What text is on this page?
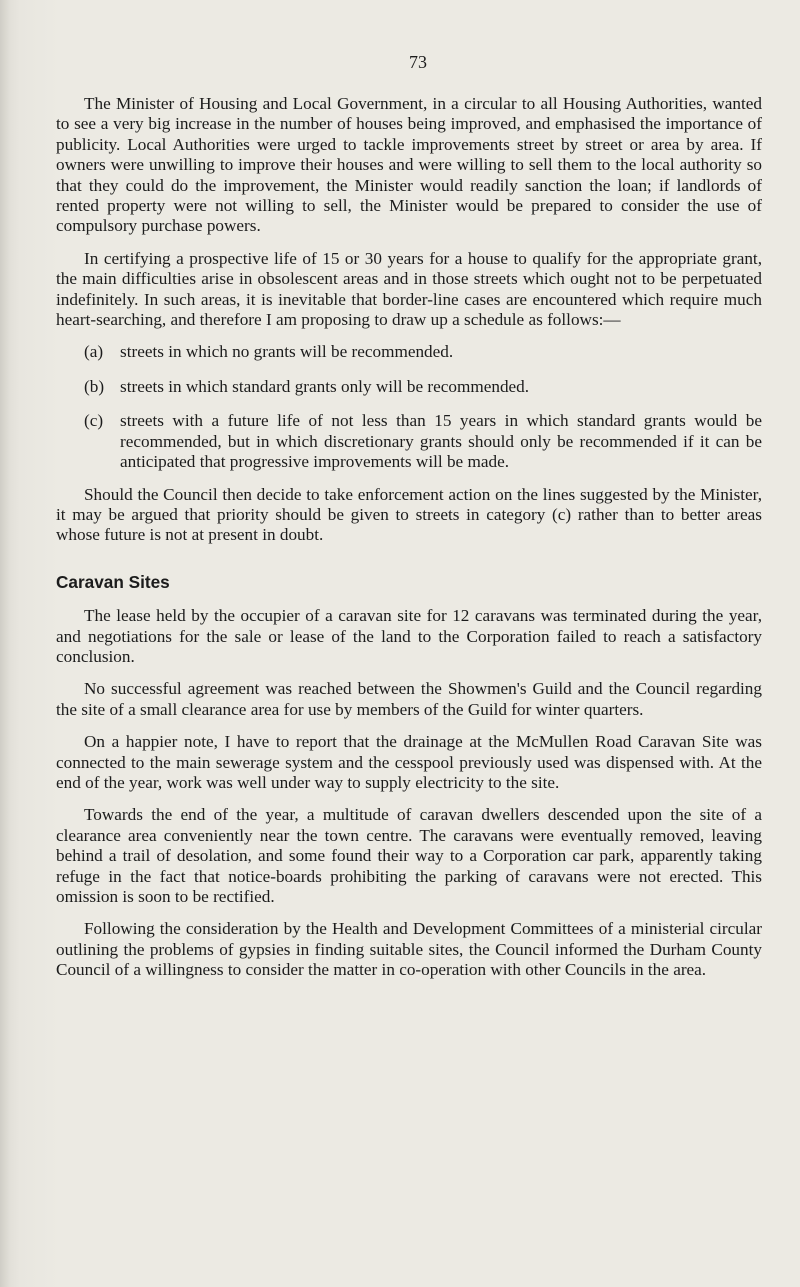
73

The Minister of Housing and Local Government, in a circular to all Housing Authorities, wanted to see a very big increase in the number of houses being improved, and emphasised the importance of publicity. Local Authorities were urged to tackle improvements street by street or area by area. If owners were unwilling to improve their houses and were willing to sell them to the local authority so that they could do the improvement, the Minister would readily sanction the loan; if landlords of rented property were not willing to sell, the Minister would be prepared to consider the use of compulsory purchase powers.

In certifying a prospective life of 15 or 30 years for a house to qualify for the appropriate grant, the main difficulties arise in obsolescent areas and in those streets which ought not to be perpetuated indefinitely. In such areas, it is inevitable that border-line cases are encountered which require much heart-searching, and therefore I am proposing to draw up a schedule as follows:—

(a) streets in which no grants will be recommended.
(b) streets in which standard grants only will be recommended.
(c) streets with a future life of not less than 15 years in which standard grants would be recommended, but in which discretionary grants should only be recommended if it can be anticipated that progressive improvements will be made.

Should the Council then decide to take enforcement action on the lines suggested by the Minister, it may be argued that priority should be given to streets in category (c) rather than to better areas whose future is not at present in doubt.

Caravan Sites

The lease held by the occupier of a caravan site for 12 caravans was terminated during the year, and negotiations for the sale or lease of the land to the Corporation failed to reach a satisfactory conclusion.

No successful agreement was reached between the Showmen's Guild and the Council regarding the site of a small clearance area for use by members of the Guild for winter quarters.

On a happier note, I have to report that the drainage at the McMullen Road Caravan Site was connected to the main sewerage system and the cesspool previously used was dispensed with. At the end of the year, work was well under way to supply electricity to the site.

Towards the end of the year, a multitude of caravan dwellers descended upon the site of a clearance area conveniently near the town centre. The caravans were eventually removed, leaving behind a trail of desolation, and some found their way to a Corporation car park, apparently taking refuge in the fact that notice-boards prohibiting the parking of caravans were not erected. This omission is soon to be rectified.

Following the consideration by the Health and Development Committees of a ministerial circular outlining the problems of gypsies in finding suitable sites, the Council informed the Durham County Council of a willingness to consider the matter in co-operation with other Councils in the area.
